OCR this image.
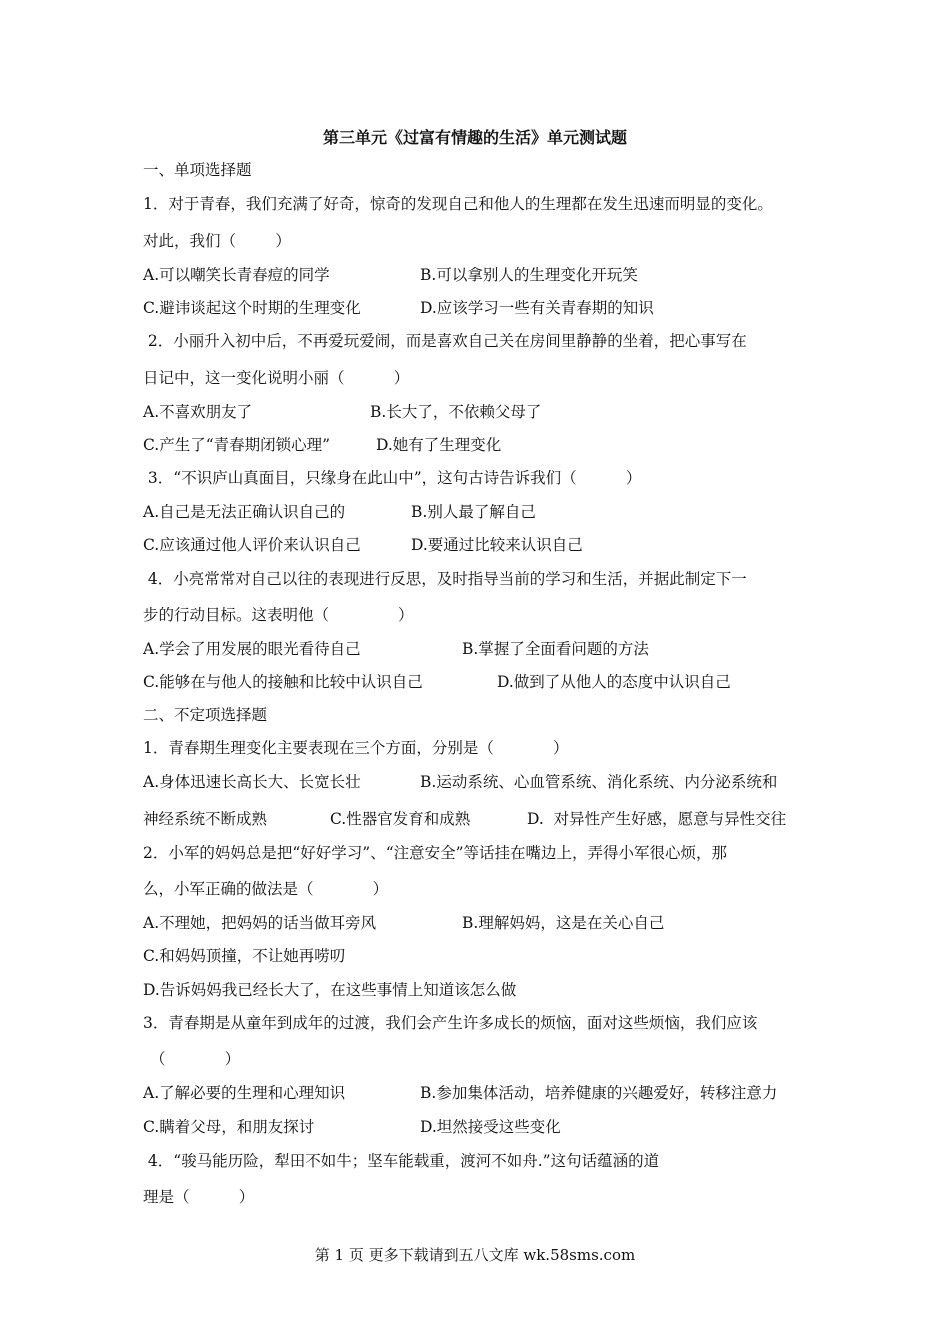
第三单元《过富有情趣的生活》单元测试题
一、单项选择题
1．对于青春，我们充满了好奇，惊奇的发现自己和他人的生理都在发生迅速而明显的变化。
对此，我们（        ）
A.可以嘲笑长青春痘的同学	B.可以拿别人的生理变化开玩笑
C.避讳谈起这个时期的生理变化	D.应该学习一些有关青春期的知识
2．小丽升入初中后，不再爱玩爱闹，而是喜欢自己关在房间里静静的坐着，把心事写在
日记中，这一变化说明小丽（          ）
A.不喜欢朋友了	B.长大了，不依赖父母了
C.产生了“青春期闭锁心理”	D.她有了生理变化
3．“不识庐山真面目，只缘身在此山中”，这句古诗告诉我们（          ）
A.自己是无法正确认识自己的	B.别人最了解自己
C.应该通过他人评价来认识自己	D.要通过比较来认识自己
4．小亮常常对自己以往的表现进行反思，及时指导当前的学习和生活，并据此制定下一
步的行动目标。这表明他（              ）
A.学会了用发展的眼光看待自己	B.掌握了全面看问题的方法
C.能够在与他人的接触和比较中认识自己	D.做到了从他人的态度中认识自己
二、不定项选择题
1．青春期生理变化主要表现在三个方面，分别是（            ）
A.身体迅速长高长大、长宽长壮	B.运动系统、心血管系统、消化系统、内分泌系统和
神经系统不断成熟	C.性器官发育和成熟	D.  对异性产生好感，愿意与异性交往
2．小军的妈妈总是把“好好学习”、“注意安全”等话挂在嘴边上，弄得小军很心烦，那
么，小军正确的做法是（            ）
A.不理她，把妈妈的话当做耳旁风	B.理解妈妈，这是在关心自己
C.和妈妈顶撞，不让她再唠叨
D.告诉妈妈我已经长大了，在这些事情上知道该怎么做
3．青春期是从童年到成年的过渡，我们会产生许多成长的烦恼，面对这些烦恼，我们应该
（            ）
A.了解必要的生理和心理知识	B.参加集体活动，培养健康的兴趣爱好，转移注意力
C.瞒着父母，和朋友探讨	D.坦然接受这些变化
4．“骏马能历险，犁田不如牛；坚车能载重，渡河不如舟.”这句话蕴涵的道
理是（          ）
第 1 页 更多下载请到五八文库 wk.58sms.com
